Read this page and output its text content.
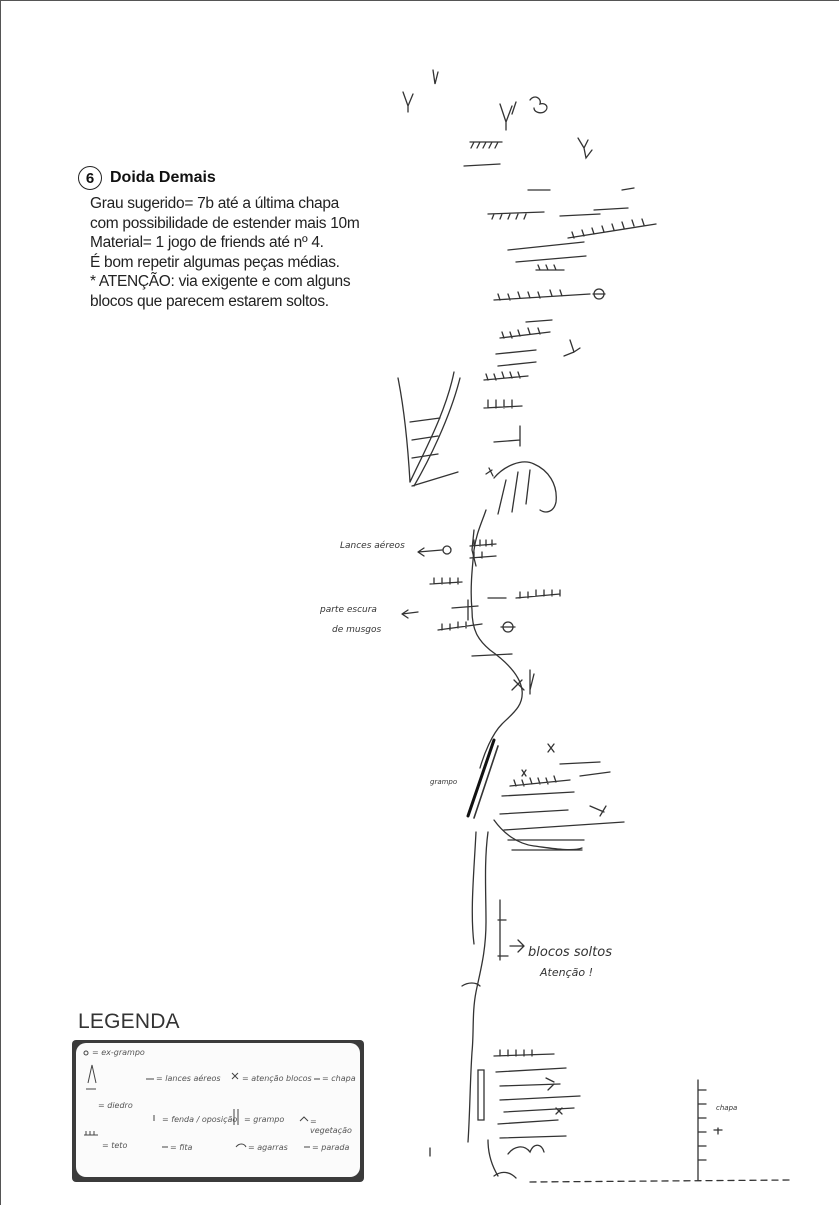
Lances aéreos
parte escura
de musgos
blocos soltos
Atenção !
grampo
chapa
6 Doida Demais
Grau sugerido= 7b até a última chapa
com possibilidade de estender mais 10m
Material= 1 jogo de friends até nº 4.
É bom repetir algumas peças médias.
* ATENÇÃO: via exigente e com alguns
blocos que parecem estarem soltos.
LEGENDA
= ex-grampo
= lances aéreos	= atenção blocos = chapa
= diedro
= fenda / oposição = grampo	= vegetação
= teto	= fita	= agarras	= parada
